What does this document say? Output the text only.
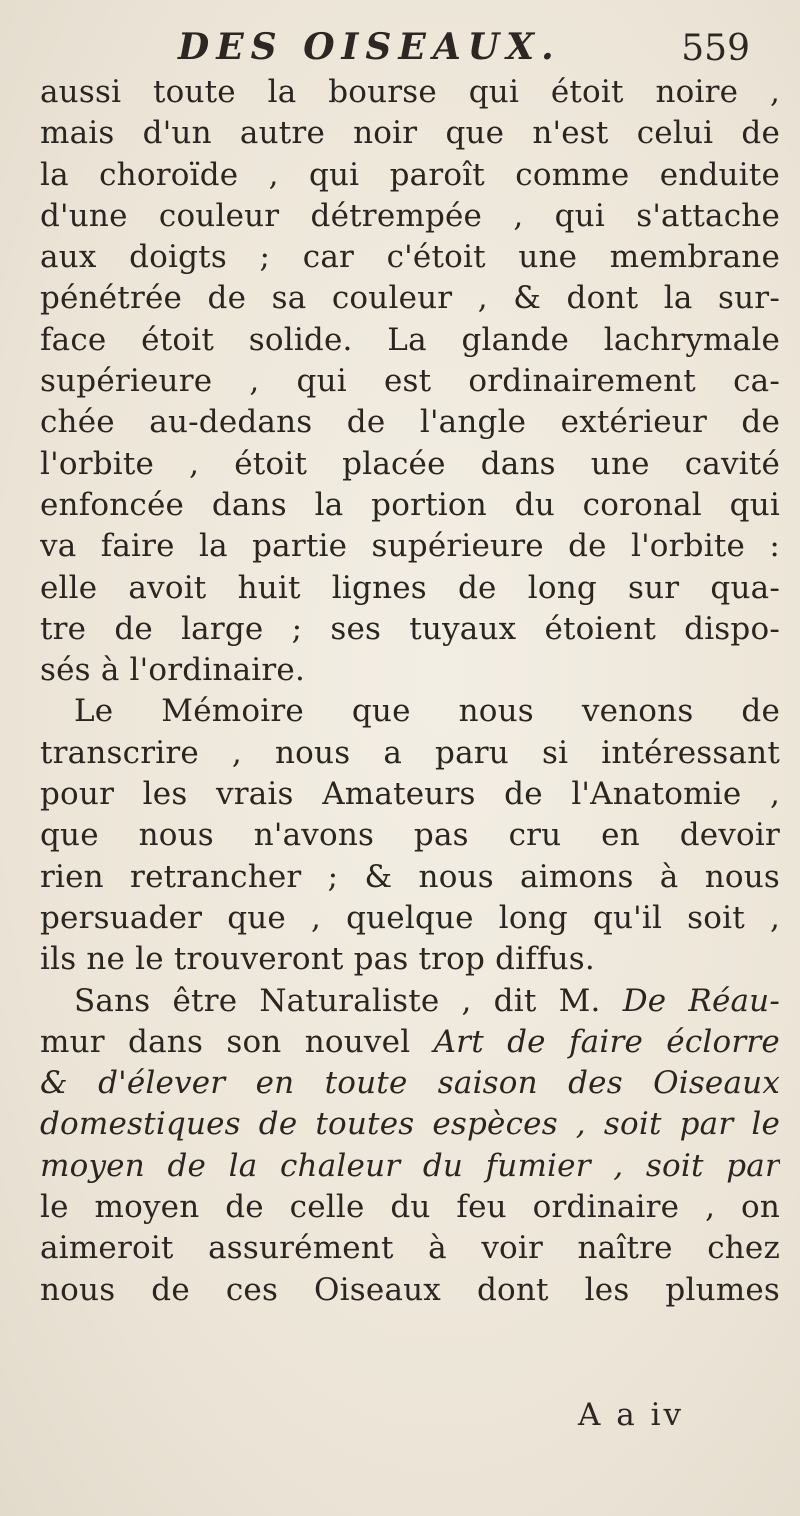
DES OISEAUX.	559
aussi toute la bourse qui étoit noire ,
mais d'un autre noir que n'est celui de
la choroïde , qui paroît comme enduite
d'une couleur détrempée , qui s'attache
aux doigts ; car c'étoit une membrane
pénétrée de sa couleur , & dont la sur-
face étoit solide. La glande lachrymale
supérieure , qui est ordinairement ca-
chée au-dedans de l'angle extérieur de
l'orbite , étoit placée dans une cavité
enfoncée dans la portion du coronal qui
va faire la partie supérieure de l'orbite :
elle avoit huit lignes de long sur qua-
tre de large ; ses tuyaux étoient dispo-
sés à l'ordinaire.
Le Mémoire que nous venons de
transcrire , nous a paru si intéressant
pour les vrais Amateurs de l'Anatomie ,
que nous n'avons pas cru en devoir
rien retrancher ; & nous aimons à nous
persuader que , quelque long qu'il soit ,
ils ne le trouveront pas trop diffus.
Sans être Naturaliste , dit M. De Réau-
mur dans son nouvel Art de faire éclorre
& d'élever en toute saison des Oiseaux
domestiques de toutes espèces , soit par le
moyen de la chaleur du fumier , soit par
le moyen de celle du feu ordinaire , on
aimeroit assurément à voir naître chez
nous de ces Oiseaux dont les plumes
A a iv
